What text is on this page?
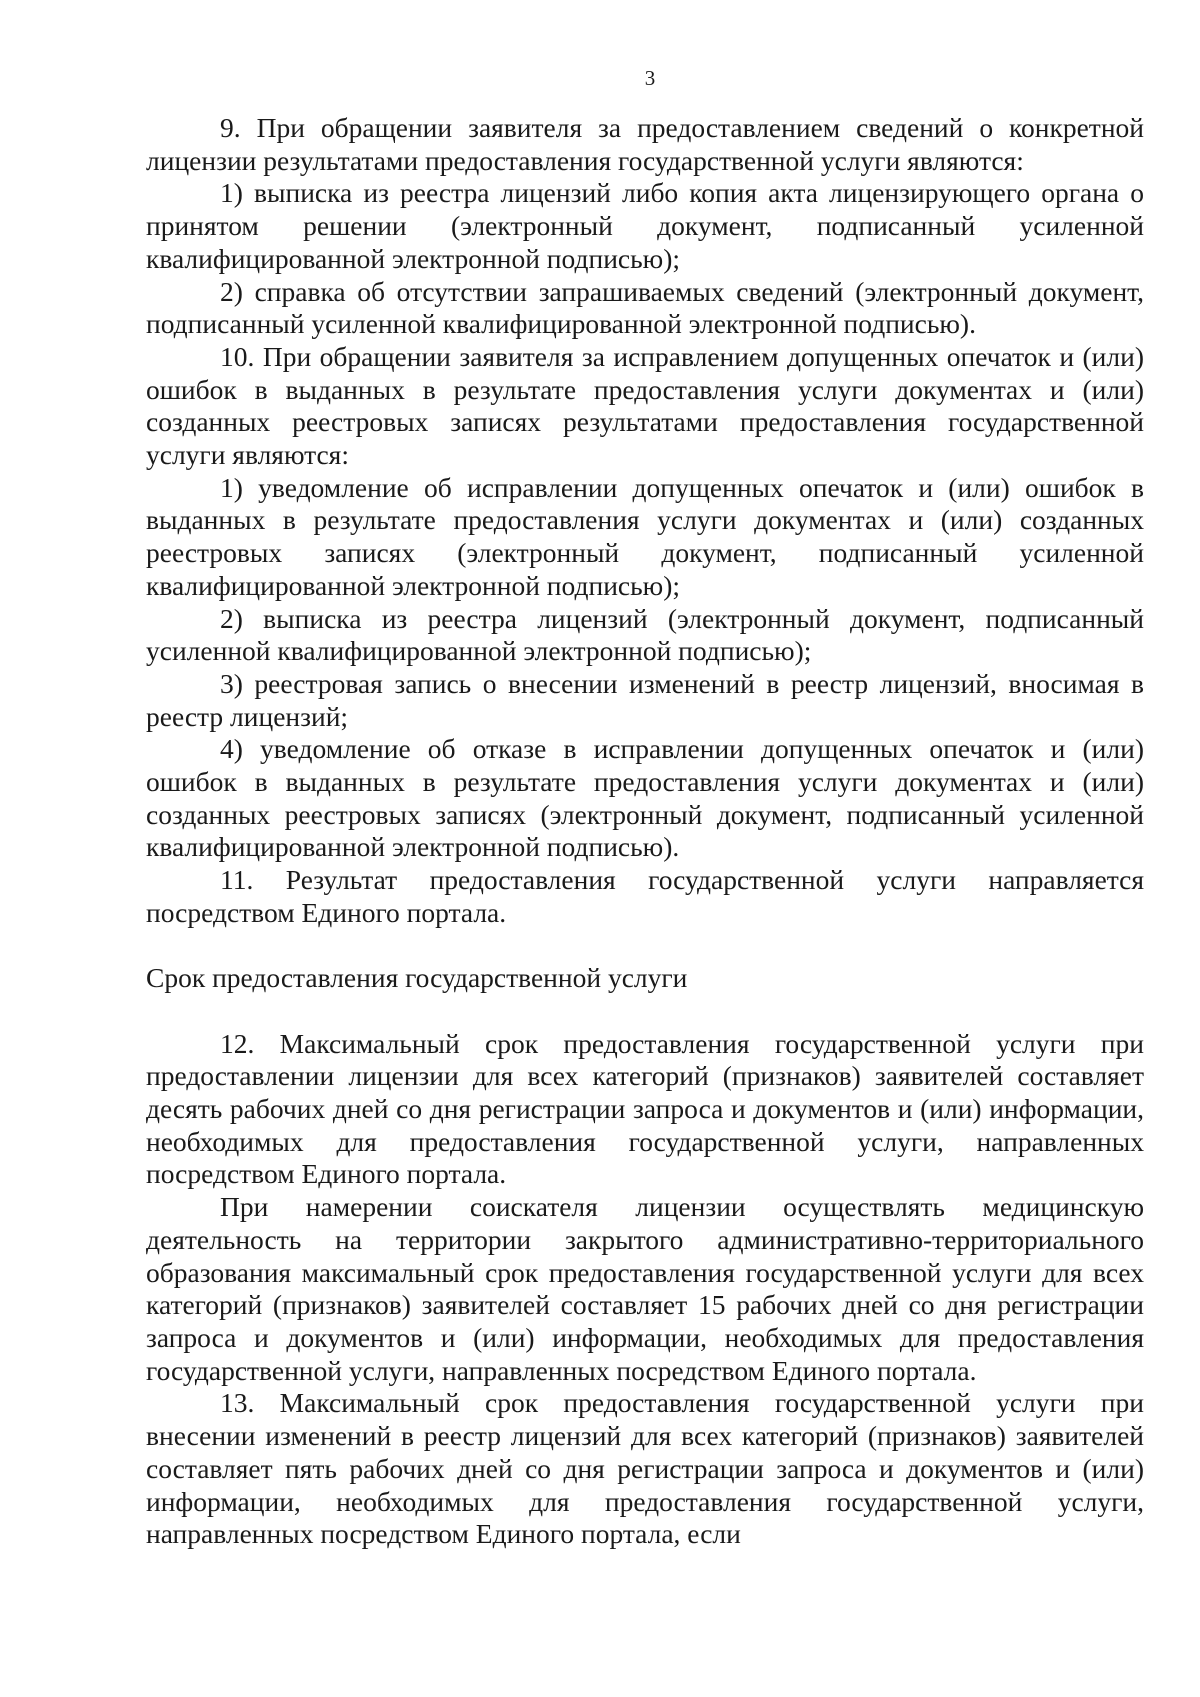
3

9. При обращении заявителя за предоставлением сведений о конкретной лицензии результатами предоставления государственной услуги являются:

1) выписка из реестра лицензий либо копия акта лицензирующего органа о принятом решении (электронный документ, подписанный усиленной квалифицированной электронной подписью);

2) справка об отсутствии запрашиваемых сведений (электронный документ, подписанный усиленной квалифицированной электронной подписью).

10. При обращении заявителя за исправлением допущенных опечаток и (или) ошибок в выданных в результате предоставления услуги документах и (или) созданных реестровых записях результатами предоставления государственной услуги являются:

1) уведомление об исправлении допущенных опечаток и (или) ошибок в выданных в результате предоставления услуги документах и (или) созданных реестровых записях (электронный документ, подписанный усиленной квалифицированной электронной подписью);

2) выписка из реестра лицензий (электронный документ, подписанный усиленной квалифицированной электронной подписью);

3) реестровая запись о внесении изменений в реестр лицензий, вносимая в реестр лицензий;

4) уведомление об отказе в исправлении допущенных опечаток и (или) ошибок в выданных в результате предоставления услуги документах и (или) созданных реестровых записях (электронный документ, подписанный усиленной квалифицированной электронной подписью).

11. Результат предоставления государственной услуги направляется посредством Единого портала.

Срок предоставления государственной услуги

12. Максимальный срок предоставления государственной услуги при предоставлении лицензии для всех категорий (признаков) заявителей составляет десять рабочих дней со дня регистрации запроса и документов и (или) информации, необходимых для предоставления государственной услуги, направленных посредством Единого портала.

При намерении соискателя лицензии осуществлять медицинскую деятельность на территории закрытого административно-территориального образования максимальный срок предоставления государственной услуги для всех категорий (признаков) заявителей составляет 15 рабочих дней со дня регистрации запроса и документов и (или) информации, необходимых для предоставления государственной услуги, направленных посредством Единого портала.

13. Максимальный срок предоставления государственной услуги при внесении изменений в реестр лицензий для всех категорий (признаков) заявителей составляет пять рабочих дней со дня регистрации запроса и документов и (или) информации, необходимых для предоставления государственной услуги, направленных посредством Единого портала, если
